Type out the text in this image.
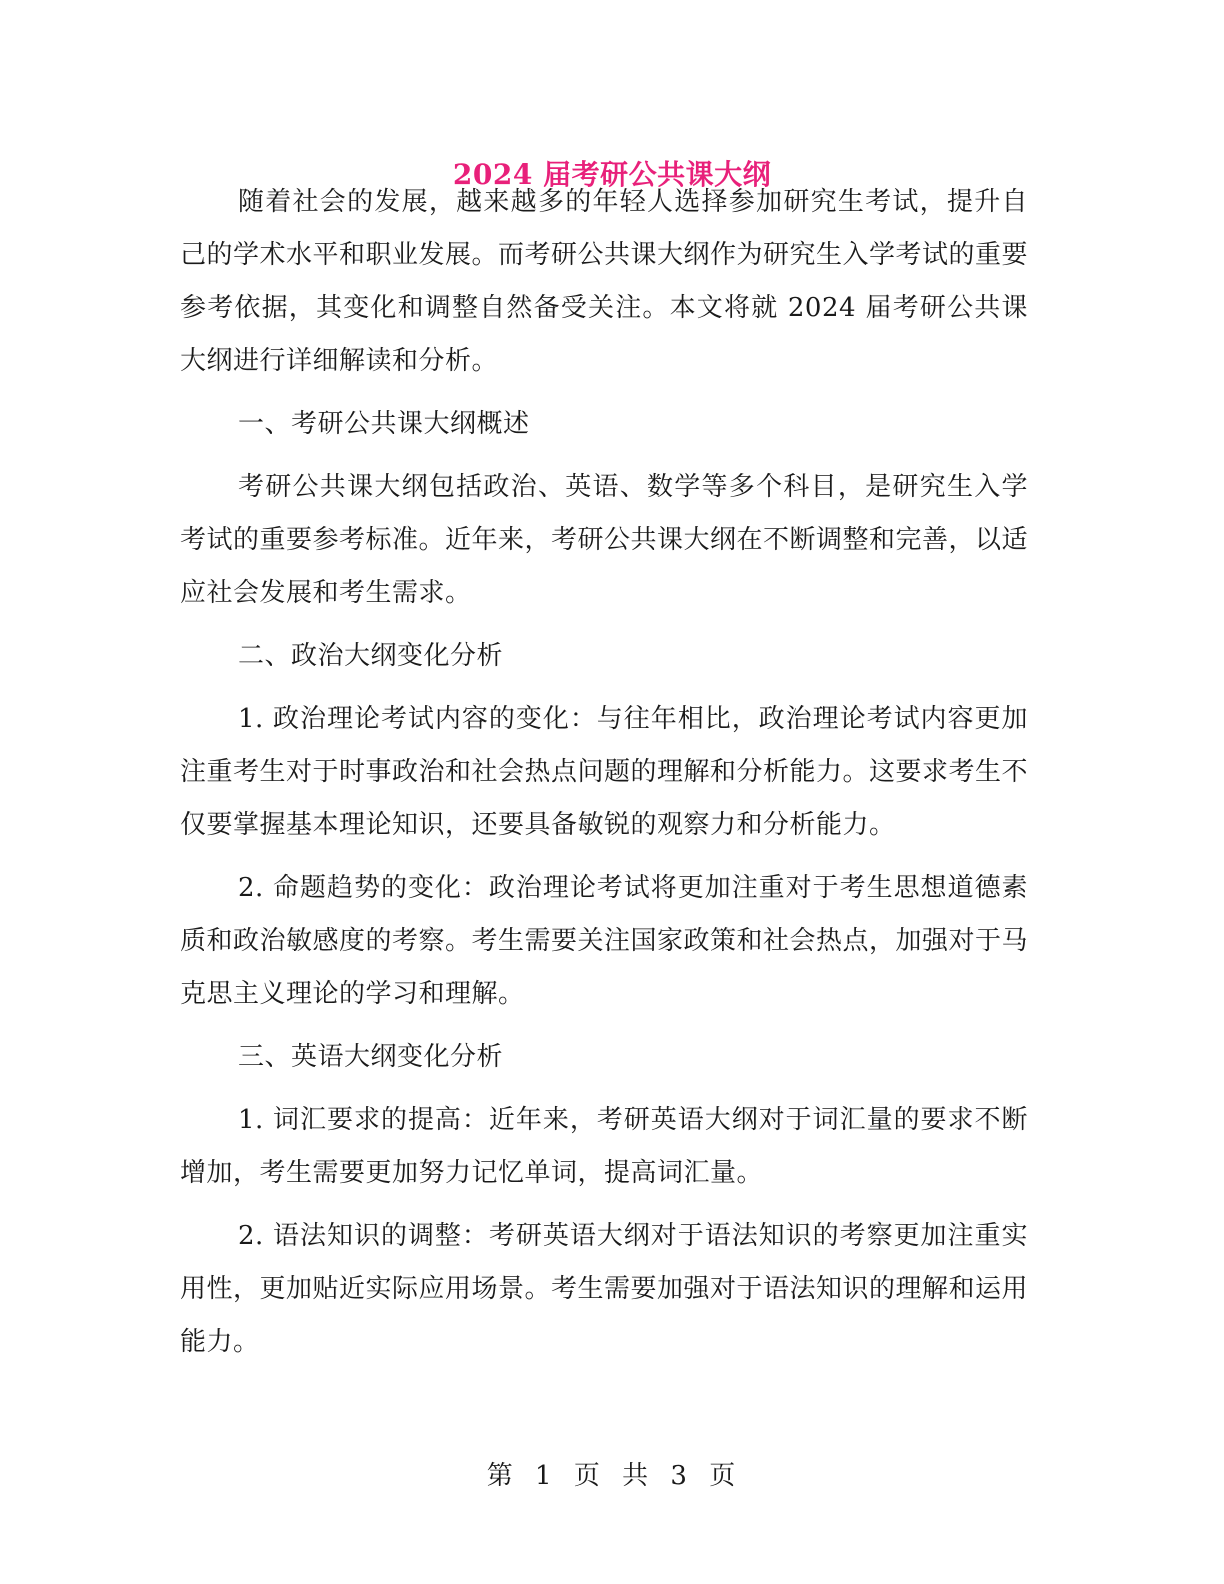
2024 届考研公共课大纲

随着社会的发展，越来越多的年轻人选择参加研究生考试，提升自己的学术水平和职业发展。而考研公共课大纲作为研究生入学考试的重要参考依据，其变化和调整自然备受关注。本文将就 2024 届考研公共课大纲进行详细解读和分析。

一、考研公共课大纲概述

考研公共课大纲包括政治、英语、数学等多个科目，是研究生入学考试的重要参考标准。近年来，考研公共课大纲在不断调整和完善，以适应社会发展和考生需求。

二、政治大纲变化分析

1. 政治理论考试内容的变化：与往年相比，政治理论考试内容更加注重考生对于时事政治和社会热点问题的理解和分析能力。这要求考生不仅要掌握基本理论知识，还要具备敏锐的观察力和分析能力。

2. 命题趋势的变化：政治理论考试将更加注重对于考生思想道德素质和政治敏感度的考察。考生需要关注国家政策和社会热点，加强对于马克思主义理论的学习和理解。

三、英语大纲变化分析

1. 词汇要求的提高：近年来，考研英语大纲对于词汇量的要求不断增加，考生需要更加努力记忆单词，提高词汇量。

2. 语法知识的调整：考研英语大纲对于语法知识的考察更加注重实用性，更加贴近实际应用场景。考生需要加强对于语法知识的理解和运用能力。

第 1 页 共 3 页
